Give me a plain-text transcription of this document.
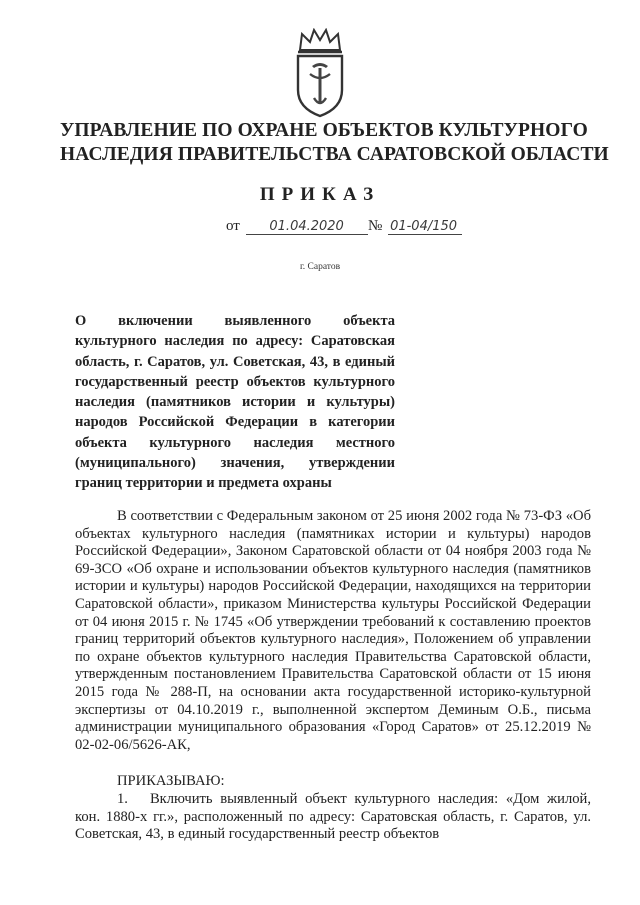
УПРАВЛЕНИЕ ПО ОХРАНЕ ОБЪЕКТОВ КУЛЬТУРНОГО
НАСЛЕДИЯ ПРАВИТЕЛЬСТВА САРАТОВСКОЙ ОБЛАСТИ
ПРИКАЗ
от 01.04.2020	№ 01-04/150
г. Саратов
О включении выявленного объекта культурного наследия по адресу: Саратовская область, г. Саратов, ул. Советская, 43, в единый государственный реестр объектов культурного наследия (памятников истории и культуры) народов Российской Федерации в категории объекта культурного наследия местного (муниципального) значения, утверждении границ территории и предмета охраны

В соответствии с Федеральным законом от 25 июня 2002 года № 73-ФЗ «Об объектах культурного наследия (памятниках истории и культуры) народов Российской Федерации», Законом Саратовской области от 04 ноября 2003 года № 69-ЗСО «Об охране и использовании объектов культурного наследия (памятников истории и культуры) народов Российской Федерации, находящихся на территории Саратовской области», приказом Министерства культуры Российской Федерации от 04 июня 2015 г. № 1745 «Об утверждении требований к составлению проектов границ территорий объектов культурного наследия», Положением об управлении по охране объектов культурного наследия Правительства Саратовской области, утвержденным постановлением Правительства Саратовской области от 15 июня 2015 года № 288-П, на основании акта государственной историко-культурной экспертизы от 04.10.2019 г., выполненной экспертом Деминым О.Б., письма администрации муниципального образования «Город Саратов» от 25.12.2019 № 02-02-06/5626-АК,

ПРИКАЗЫВАЮ:

1. Включить выявленный объект культурного наследия: «Дом жилой, кон. 1880-х гг.», расположенный по адресу: Саратовская область, г. Саратов, ул. Советская, 43, в единый государственный реестр объектов
